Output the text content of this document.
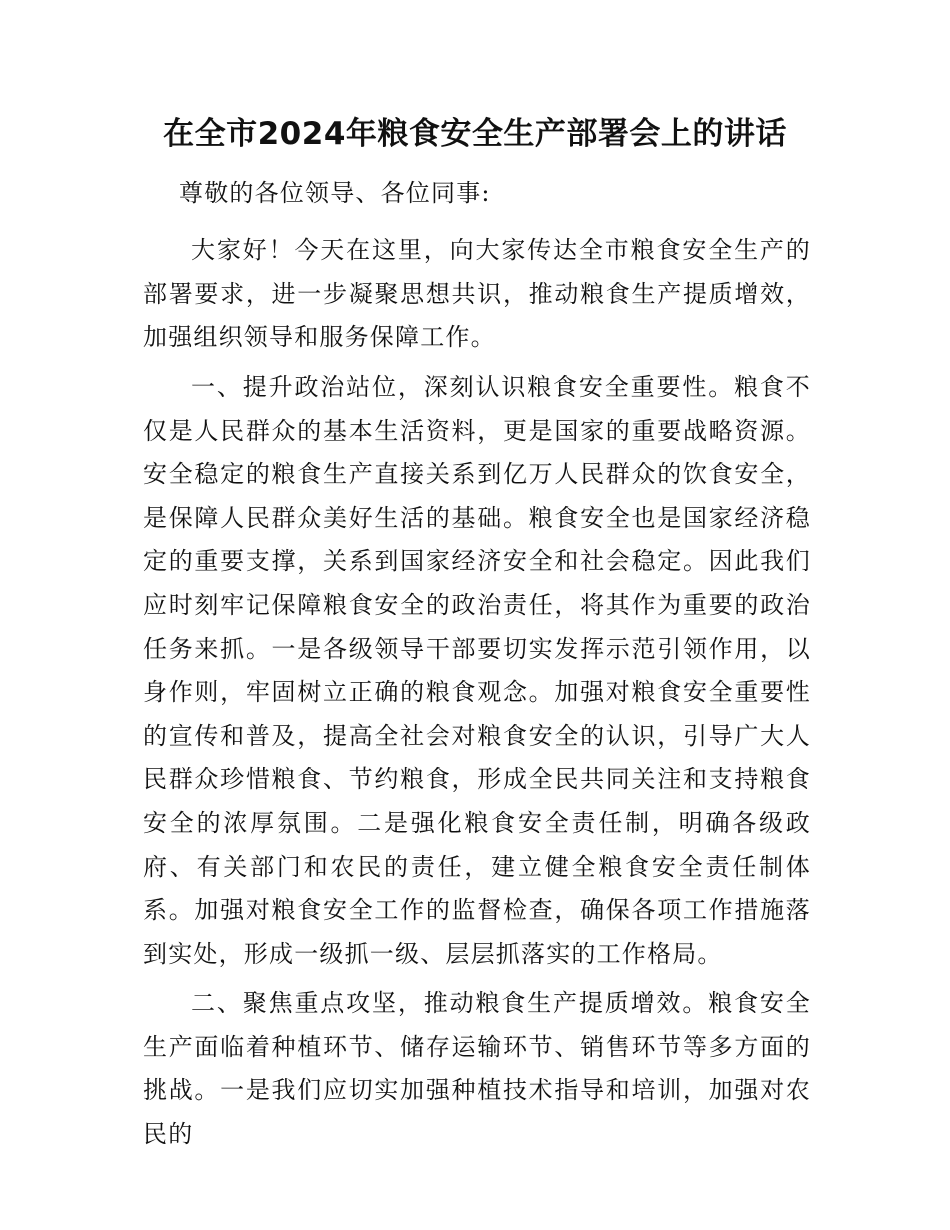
在全市2024年粮食安全生产部署会上的讲话

尊敬的各位领导、各位同事:

大家好！今天在这里，向大家传达全市粮食安全生产的部署要求，进一步凝聚思想共识，推动粮食生产提质增效，加强组织领导和服务保障工作。

一、提升政治站位，深刻认识粮食安全重要性。粮食不仅是人民群众的基本生活资料，更是国家的重要战略资源。安全稳定的粮食生产直接关系到亿万人民群众的饮食安全，是保障人民群众美好生活的基础。粮食安全也是国家经济稳定的重要支撑，关系到国家经济安全和社会稳定。因此我们应时刻牢记保障粮食安全的政治责任，将其作为重要的政治任务来抓。一是各级领导干部要切实发挥示范引领作用，以身作则，牢固树立正确的粮食观念。加强对粮食安全重要性的宣传和普及，提高全社会对粮食安全的认识，引导广大人民群众珍惜粮食、节约粮食，形成全民共同关注和支持粮食安全的浓厚氛围。二是强化粮食安全责任制，明确各级政府、有关部门和农民的责任，建立健全粮食安全责任制体系。加强对粮食安全工作的监督检查，确保各项工作措施落到实处，形成一级抓一级、层层抓落实的工作格局。

二、聚焦重点攻坚，推动粮食生产提质增效。粮食安全生产面临着种植环节、储存运输环节、销售环节等多方面的挑战。一是我们应切实加强种植技术指导和培训，加强对农民的
